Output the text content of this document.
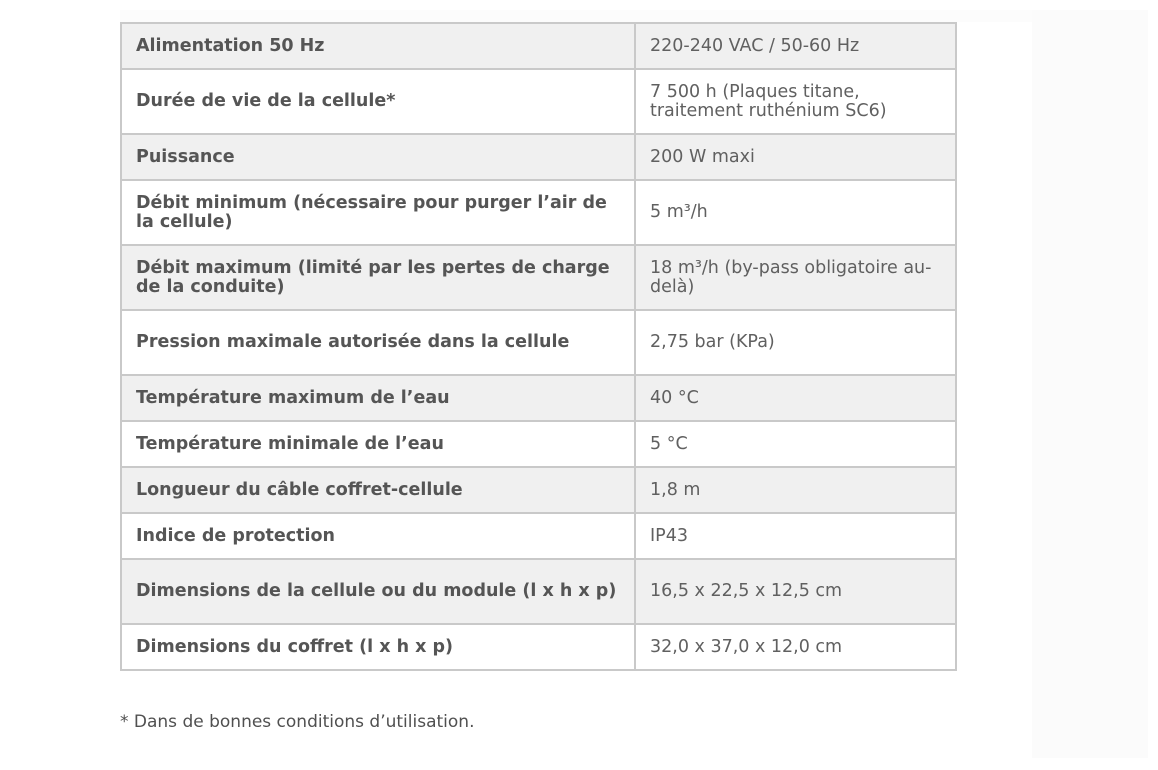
Alimentation 50 Hz	220-240 VAC / 50-60 Hz
Durée de vie de la cellule*	7 500 h (Plaques titane, traitement ruthénium SC6)
Puissance	200 W maxi
Débit minimum (nécessaire pour purger l’air de la cellule)	5 m³/h
Débit maximum (limité par les pertes de charge de la conduite)	18 m³/h (by-pass obligatoire au-delà)
Pression maximale autorisée dans la cellule	2,75 bar (KPa)
Température maximum de l’eau	40 °C
Température minimale de l’eau	5 °C
Longueur du câble coffret-cellule	1,8 m
Indice de protection	IP43
Dimensions de la cellule ou du module (l x h x p)	16,5 x 22,5 x 12,5 cm
Dimensions du coffret (l x h x p)	32,0 x 37,0 x 12,0 cm
* Dans de bonnes conditions d’utilisation.
